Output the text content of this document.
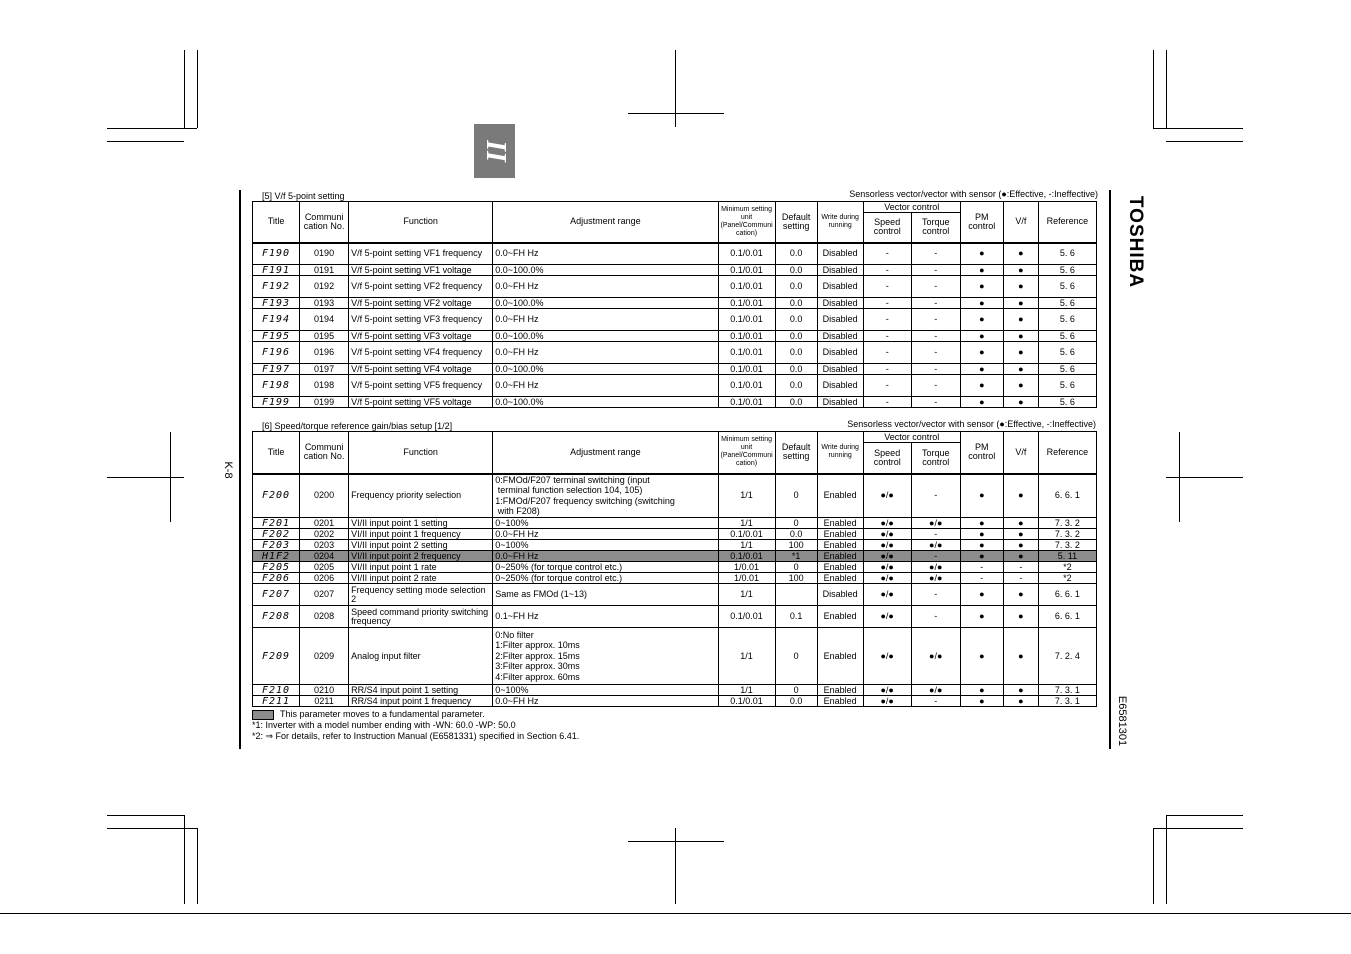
II
TOSHIBA
E6581301
K-8
[5] V/f 5-point setting	Sensorless vector/vector with sensor (●:Effective, -:Ineffective)
Title	Communi cation No.	Function	Adjustment range	Minimum setting unit (Panel/Communi cation)	Default setting	Write during running	Vector control		PM control	V/f	Reference
							Speed control	Torque control			
F190	0190	V/f 5-point setting VF1 frequency	0.0~FH Hz	0.1/0.01	0.0	Disabled	-	-	●	●	5. 6
F191	0191	V/f 5-point setting VF1 voltage	0.0~100.0%	0.1/0.01	0.0	Disabled	-	-	●	●	5. 6
F192	0192	V/f 5-point setting VF2 frequency	0.0~FH Hz	0.1/0.01	0.0	Disabled	-	-	●	●	5. 6
F193	0193	V/f 5-point setting VF2 voltage	0.0~100.0%	0.1/0.01	0.0	Disabled	-	-	●	●	5. 6
F194	0194	V/f 5-point setting VF3 frequency	0.0~FH Hz	0.1/0.01	0.0	Disabled	-	-	●	●	5. 6
F195	0195	V/f 5-point setting VF3 voltage	0.0~100.0%	0.1/0.01	0.0	Disabled	-	-	●	●	5. 6
F196	0196	V/f 5-point setting VF4 frequency	0.0~FH Hz	0.1/0.01	0.0	Disabled	-	-	●	●	5. 6
F197	0197	V/f 5-point setting VF4 voltage	0.0~100.0%	0.1/0.01	0.0	Disabled	-	-	●	●	5. 6
F198	0198	V/f 5-point setting VF5 frequency	0.0~FH Hz	0.1/0.01	0.0	Disabled	-	-	●	●	5. 6
F199	0199	V/f 5-point setting VF5 voltage	0.0~100.0%	0.1/0.01	0.0	Disabled	-	-	●	●	5. 6
[6] Speed/torque reference gain/bias setup [1/2]	Sensorless vector/vector with sensor (●:Effective, -:Ineffective)
Title	Communi cation No.	Function	Adjustment range	Minimum setting unit (Panel/Communi cation)	Default setting	Write during running	Vector control		PM control	V/f	Reference
							Speed control	Torque control			
F200	0200	Frequency priority selection	0:FMOd/F207 terminal switching (input
terminal function selection 104, 105)
1:FMOd/F207 frequency switching (switching
with F208)	1/1	0	Enabled	●/●	-	●	●	6. 6. 1
F201	0201	VI/II input point 1 setting	0~100%	1/1	0	Enabled	●/●	●/●	●	●	7. 3. 2
F202	0202	VI/II input point 1 frequency	0.0~FH Hz	0.1/0.01	0.0	Enabled	●/●	-	●	●	7. 3. 2
F203	0203	VI/II input point 2 setting	0~100%	1/1	100	Enabled	●/●	●/●	●	●	7. 3. 2
H1F2	0204	VI/II input point 2 frequency	0.0~FH Hz	0.1/0.01	*1	Enabled	●/●	-	●	●	5. 11
F205	0205	VI/II input point 1 rate	0~250% (for torque control etc.)	1/0.01	0	Enabled	●/●	●/●	-	-	*2
F206	0206	VI/II input point 2 rate	0~250% (for torque control etc.)	1/0.01	100	Enabled	●/●	●/●	-	-	*2
F207	0207	Frequency setting mode selection 2	Same as FMOd (1~13)	1/1		Disabled	●/●	-	●	●	6. 6. 1
F208	0208	Speed command priority switching frequency	0.1~FH Hz	0.1/0.01	0.1	Enabled	●/●	-	●	●	6. 6. 1
F209	0209	Analog input filter	0:No filter
1:Filter approx. 10ms
2:Filter approx. 15ms
3:Filter approx. 30ms
4:Filter approx. 60ms	1/1	0	Enabled	●/●	●/●	●	●	7. 2. 4
F210	0210	RR/S4 input point 1 setting	0~100%	1/1	0	Enabled	●/●	●/●	●	●	7. 3. 1
F211	0211	RR/S4 input point 1 frequency	0.0~FH Hz	0.1/0.01	0.0	Enabled	●/●	-	●	●	7. 3. 1
This parameter moves to a fundamental parameter.
*1: Inverter with a model number ending with -WN: 60.0 -WP: 50.0
*2: ⇒ For details, refer to Instruction Manual (E6581331) specified in Section 6.41.
